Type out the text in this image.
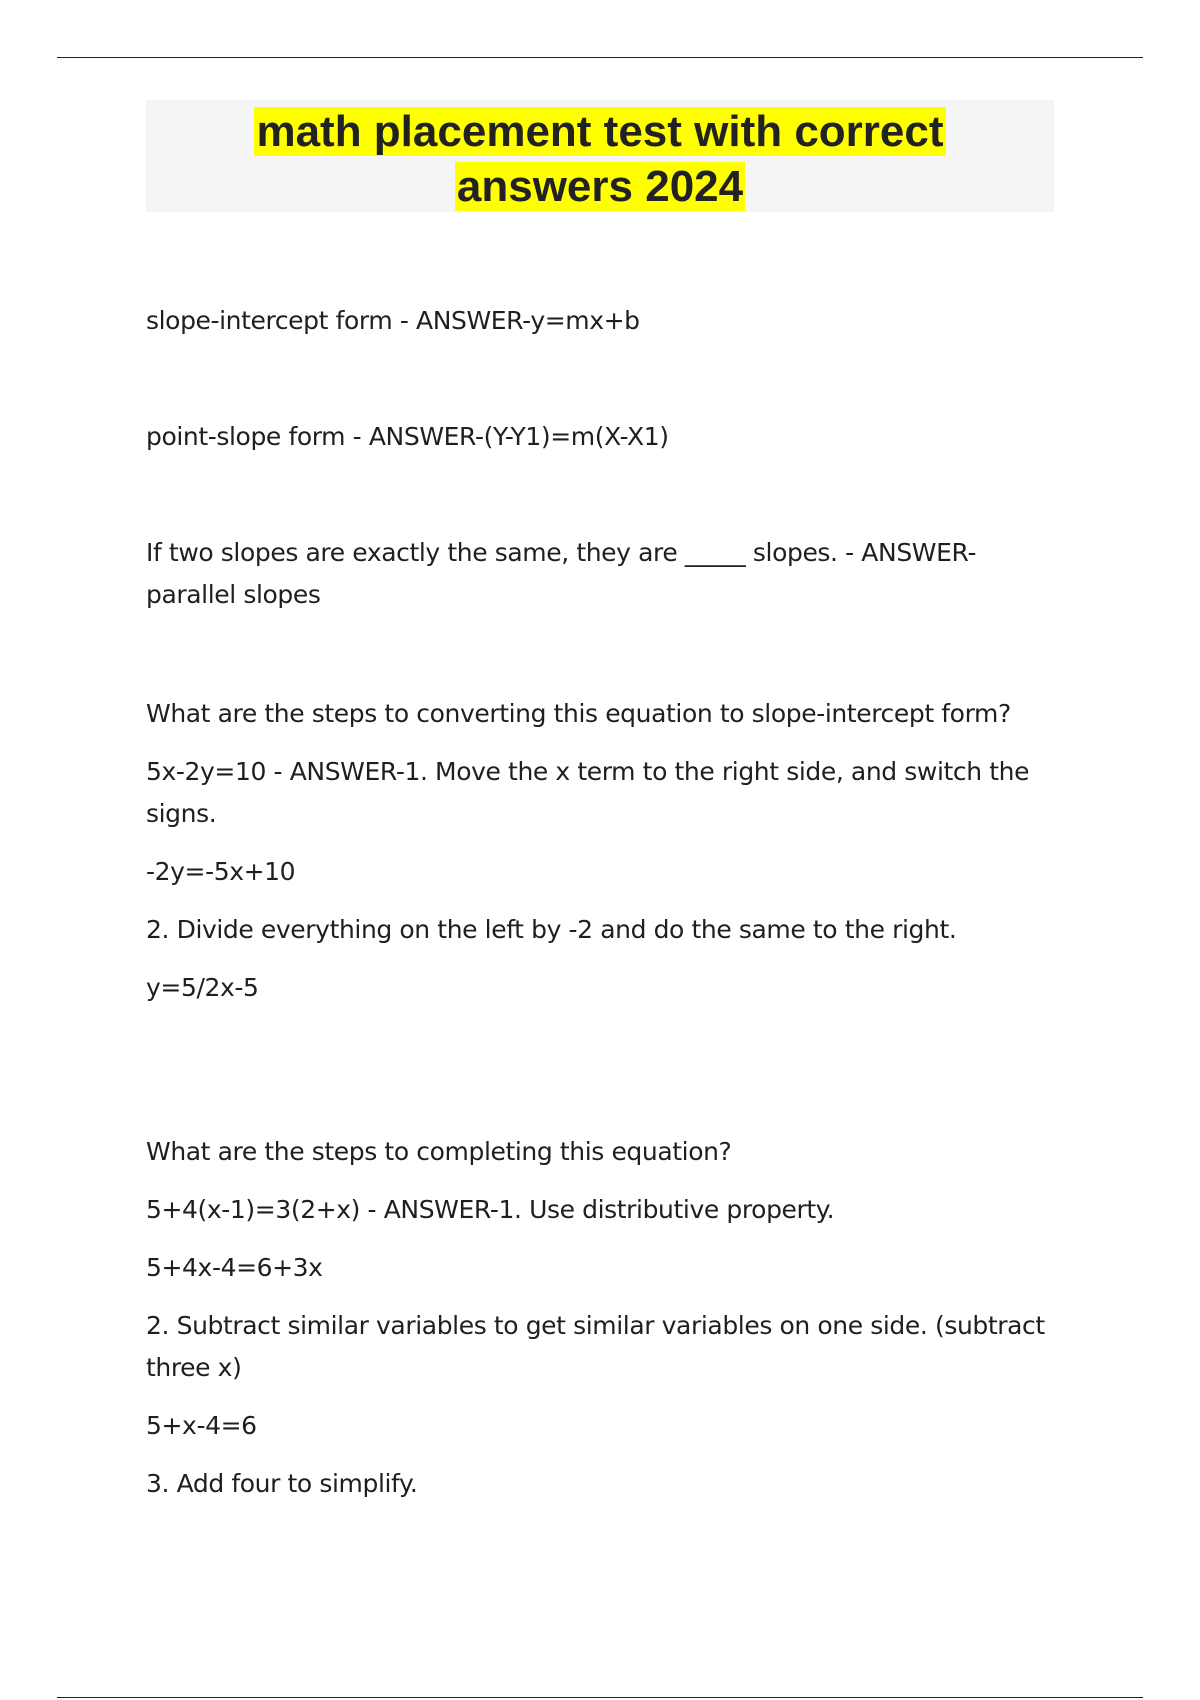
math placement test with correct
answers 2024

slope-intercept form - ANSWER-y=mx+b

point-slope form - ANSWER-(Y-Y1)=m(X-X1)

If two slopes are exactly the same, they are _____ slopes. - ANSWER-parallel slopes

What are the steps to converting this equation to slope-intercept form?

5x-2y=10 - ANSWER-1. Move the x term to the right side, and switch the signs.

-2y=-5x+10

2. Divide everything on the left by -2 and do the same to the right.

y=5/2x-5

What are the steps to completing this equation?

5+4(x-1)=3(2+x) - ANSWER-1. Use distributive property.

5+4x-4=6+3x

2. Subtract similar variables to get similar variables on one side. (subtract three x)

5+x-4=6

3. Add four to simplify.
